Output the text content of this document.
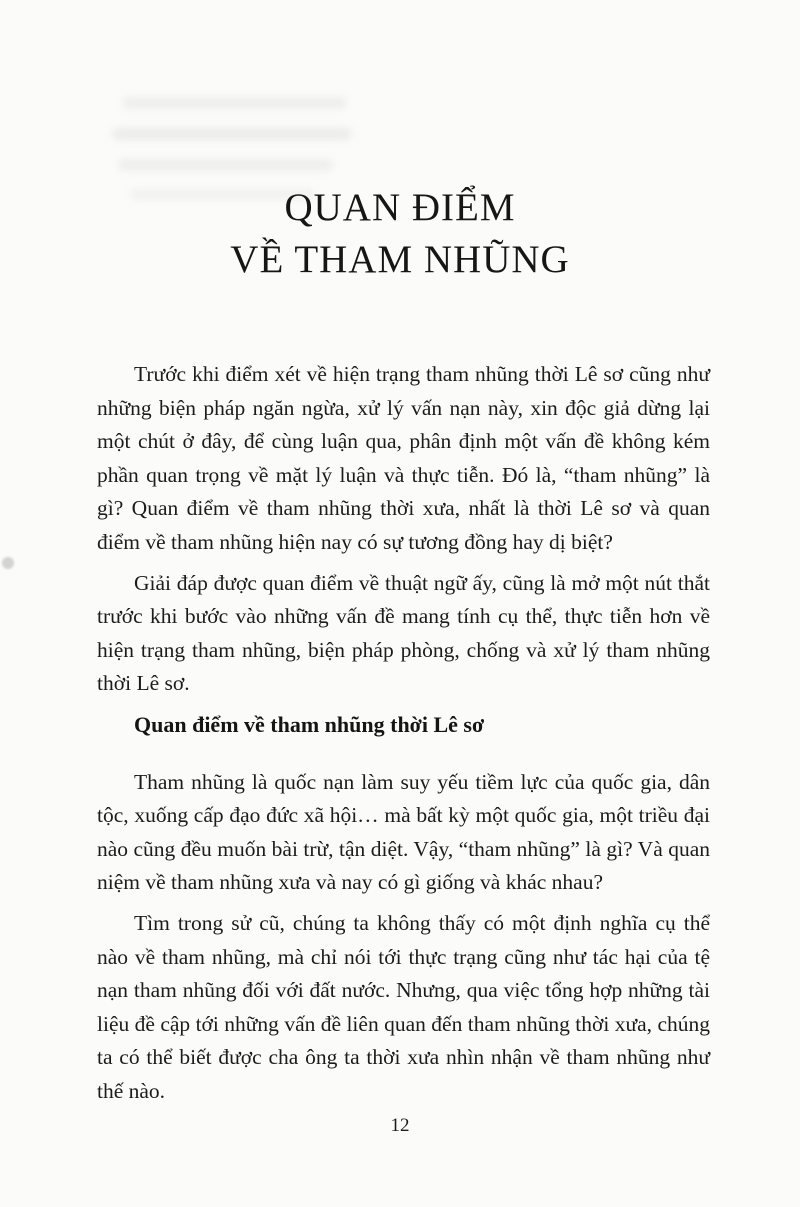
QUAN ĐIỂM
VỀ THAM NHŨNG

Trước khi điểm xét về hiện trạng tham nhũng thời Lê sơ cũng như những biện pháp ngăn ngừa, xử lý vấn nạn này, xin độc giả dừng lại một chút ở đây, để cùng luận qua, phân định một vấn đề không kém phần quan trọng về mặt lý luận và thực tiễn. Đó là, “tham nhũng” là gì? Quan điểm về tham nhũng thời xưa, nhất là thời Lê sơ và quan điểm về tham nhũng hiện nay có sự tương đồng hay dị biệt?

Giải đáp được quan điểm về thuật ngữ ấy, cũng là mở một nút thắt trước khi bước vào những vấn đề mang tính cụ thể, thực tiễn hơn về hiện trạng tham nhũng, biện pháp phòng, chống và xử lý tham nhũng thời Lê sơ.

Quan điểm về tham nhũng thời Lê sơ

Tham nhũng là quốc nạn làm suy yếu tiềm lực của quốc gia, dân tộc, xuống cấp đạo đức xã hội… mà bất kỳ một quốc gia, một triều đại nào cũng đều muốn bài trừ, tận diệt. Vậy, “tham nhũng” là gì? Và quan niệm về tham nhũng xưa và nay có gì giống và khác nhau?

Tìm trong sử cũ, chúng ta không thấy có một định nghĩa cụ thể nào về tham nhũng, mà chỉ nói tới thực trạng cũng như tác hại của tệ nạn tham nhũng đối với đất nước. Nhưng, qua việc tổng hợp những tài liệu đề cập tới những vấn đề liên quan đến tham nhũng thời xưa, chúng ta có thể biết được cha ông ta thời xưa nhìn nhận về tham nhũng như thế nào.

12
